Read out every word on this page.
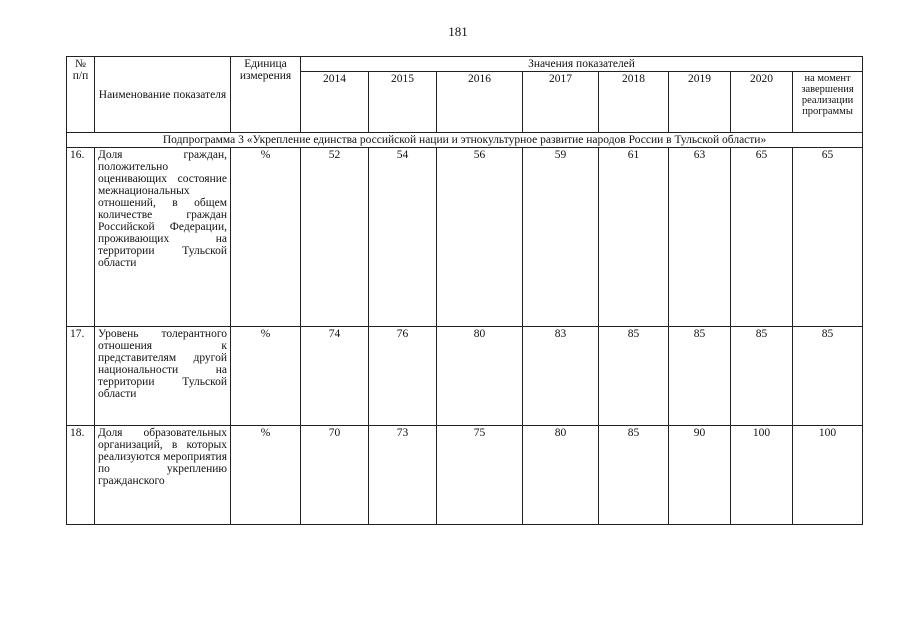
181
№ п/п	Наименование показателя	Единица измерения	Значения показателей							
			2014	2015	2016	2017	2018	2019	2020	на момент завершения реализации программы
Подпрограмма 3 «Укрепление единства российской нации и этнокультурное развитие народов России в Тульской области»										
16.	Доля граждан, положительно оценивающих состояние межнациональных отношений, в общем количестве граждан Российской Федерации, проживающих на территории Тульской области	%	52	54	56	59	61	63	65	65
17.	Уровень толерантного отношения к представителям другой национальности на территории Тульской области	%	74	76	80	83	85	85	85	85
18.	Доля образовательных организаций, в которых реализуются мероприятия по укреплению гражданского	%	70	73	75	80	85	90	100	100
